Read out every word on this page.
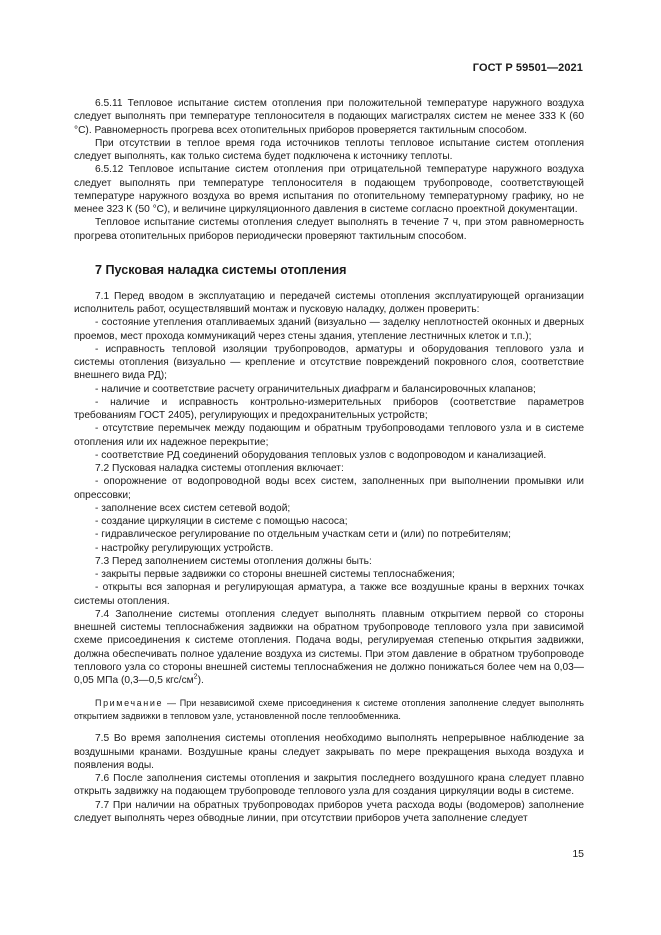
ГОСТ Р 59501—2021

6.5.11 Тепловое испытание систем отопления при положительной температуре наружного воздуха следует выполнять при температуре теплоносителя в подающих магистралях систем не менее 333 К (60 °С). Равномерность прогрева всех отопительных приборов проверяется тактильным способом.

При отсутствии в теплое время года источников теплоты тепловое испытание систем отопления следует выполнять, как только система будет подключена к источнику теплоты.

6.5.12 Тепловое испытание систем отопления при отрицательной температуре наружного воздуха следует выполнять при температуре теплоносителя в подающем трубопроводе, соответствующей температуре наружного воздуха во время испытания по отопительному температурному графику, но не менее 323 К (50 °С), и величине циркуляционного давления в системе согласно проектной документации.

Тепловое испытание системы отопления следует выполнять в течение 7 ч, при этом равномерность прогрева отопительных приборов периодически проверяют тактильным способом.

7 Пусковая наладка системы отопления

7.1 Перед вводом в эксплуатацию и передачей системы отопления эксплуатирующей организации исполнитель работ, осуществлявший монтаж и пусковую наладку, должен проверить:

- состояние утепления отапливаемых зданий (визуально — заделку неплотностей оконных и дверных проемов, мест прохода коммуникаций через стены здания, утепление лестничных клеток и т.п.);

- исправность тепловой изоляции трубопроводов, арматуры и оборудования теплового узла и системы отопления (визуально — крепление и отсутствие повреждений покровного слоя, соответствие внешнего вида РД);

- наличие и соответствие расчету ограничительных диафрагм и балансировочных клапанов;

- наличие и исправность контрольно-измерительных приборов (соответствие параметров требованиям ГОСТ 2405), регулирующих и предохранительных устройств;

- отсутствие перемычек между подающим и обратным трубопроводами теплового узла и в системе отопления или их надежное перекрытие;

- соответствие РД соединений оборудования тепловых узлов с водопроводом и канализацией.

7.2 Пусковая наладка системы отопления включает:

- опорожнение от водопроводной воды всех систем, заполненных при выполнении промывки или опрессовки;

- заполнение всех систем сетевой водой;

- создание циркуляции в системе с помощью насоса;

- гидравлическое регулирование по отдельным участкам сети и (или) по потребителям;

- настройку регулирующих устройств.

7.3 Перед заполнением системы отопления должны быть:

- закрыты первые задвижки со стороны внешней системы теплоснабжения;

- открыты вся запорная и регулирующая арматура, а также все воздушные краны в верхних точках системы отопления.

7.4 Заполнение системы отопления следует выполнять плавным открытием первой со стороны внешней системы теплоснабжения задвижки на обратном трубопроводе теплового узла при зависимой схеме присоединения к системе отопления. Подача воды, регулируемая степенью открытия задвижки, должна обеспечивать полное удаление воздуха из системы. При этом давление в обратном трубопроводе теплового узла со стороны внешней системы теплоснабжения не должно понижаться более чем на 0,03—0,05 МПа (0,3—0,5 кгс/$см^2$).

Примечание — При независимой схеме присоединения к системе отопления заполнение следует выполнять открытием задвижки в тепловом узле, установленной после теплообменника.

7.5 Во время заполнения системы отопления необходимо выполнять непрерывное наблюдение за воздушными кранами. Воздушные краны следует закрывать по мере прекращения выхода воздуха и появления воды.

7.6 После заполнения системы отопления и закрытия последнего воздушного крана следует плавно открыть задвижку на подающем трубопроводе теплового узла для создания циркуляции воды в системе.

7.7 При наличии на обратных трубопроводах приборов учета расхода воды (водомеров) заполнение следует выполнять через обводные линии, при отсутствии приборов учета заполнение следует

15
